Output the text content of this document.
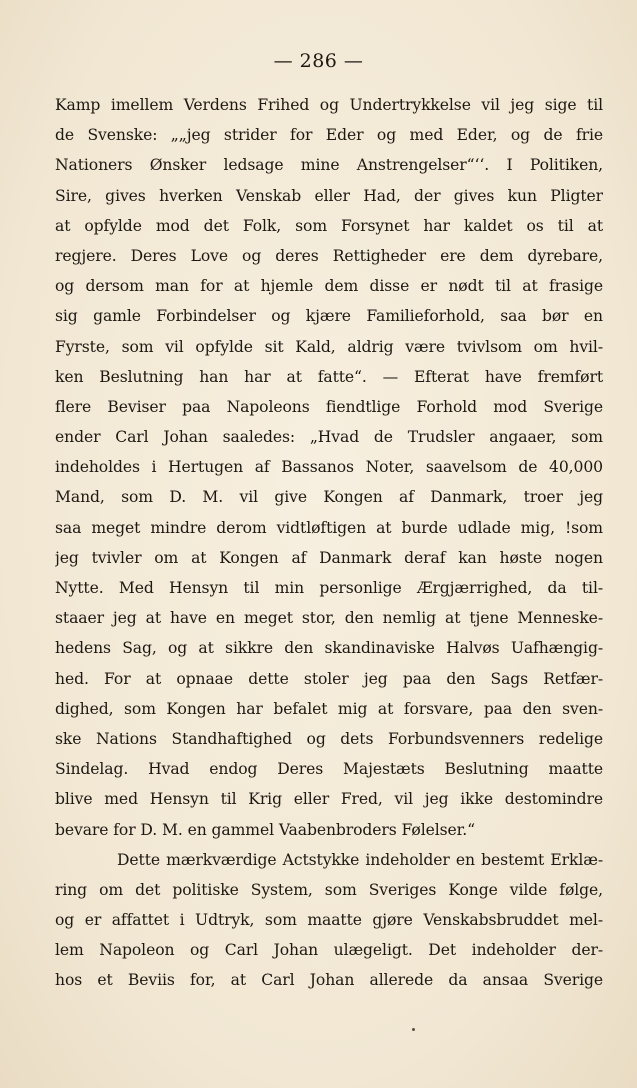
— 286 —
Kamp imellem Verdens Frihed og Undertrykkelse vil jeg sige til
de Svenske: „„jeg strider for Eder og med Eder, og de frie
Nationers Ønsker ledsage mine Anstrengelser“‘‘. I Politiken,
Sire, gives hverken Venskab eller Had, der gives kun Pligter
at opfylde mod det Folk, som Forsynet har kaldet os til at
regjere. Deres Love og deres Rettigheder ere dem dyrebare,
og dersom man for at hjemle dem disse er nødt til at frasige
sig gamle Forbindelser og kjære Familieforhold, saa bør en
Fyrste, som vil opfylde sit Kald, aldrig være tvivlsom om hvil-
ken Beslutning han har at fatte“. — Efterat have fremført
flere Beviser paa Napoleons fiendtlige Forhold mod Sverige
ender Carl Johan saaledes: „Hvad de Trudsler angaaer, som
indeholdes i Hertugen af Bassanos Noter, saavelsom de 40,000
Mand, som D. M. vil give Kongen af Danmark, troer jeg
saa meget mindre derom vidtløftigen at burde udlade mig, !som
jeg tvivler om at Kongen af Danmark deraf kan høste nogen
Nytte. Med Hensyn til min personlige Ærgjærrighed, da til-
staaer jeg at have en meget stor, den nemlig at tjene Menneske-
hedens Sag, og at sikkre den skandinaviske Halvøs Uafhængig-
hed. For at opnaae dette stoler jeg paa den Sags Retfær-
dighed, som Kongen har befalet mig at forsvare, paa den sven-
ske Nations Standhaftighed og dets Forbundsvenners redelige
Sindelag. Hvad endog Deres Majestæts Beslutning maatte
blive med Hensyn til Krig eller Fred, vil jeg ikke destomindre
bevare for D. M. en gammel Vaabenbroders Følelser.“
Dette mærkværdige Actstykke indeholder en bestemt Erklæ-
ring om det politiske System, som Sveriges Konge vilde følge,
og er affattet i Udtryk, som maatte gjøre Venskabsbruddet mel-
lem Napoleon og Carl Johan ulægeligt. Det indeholder der-
hos et Beviis for, at Carl Johan allerede da ansaa Sverige
